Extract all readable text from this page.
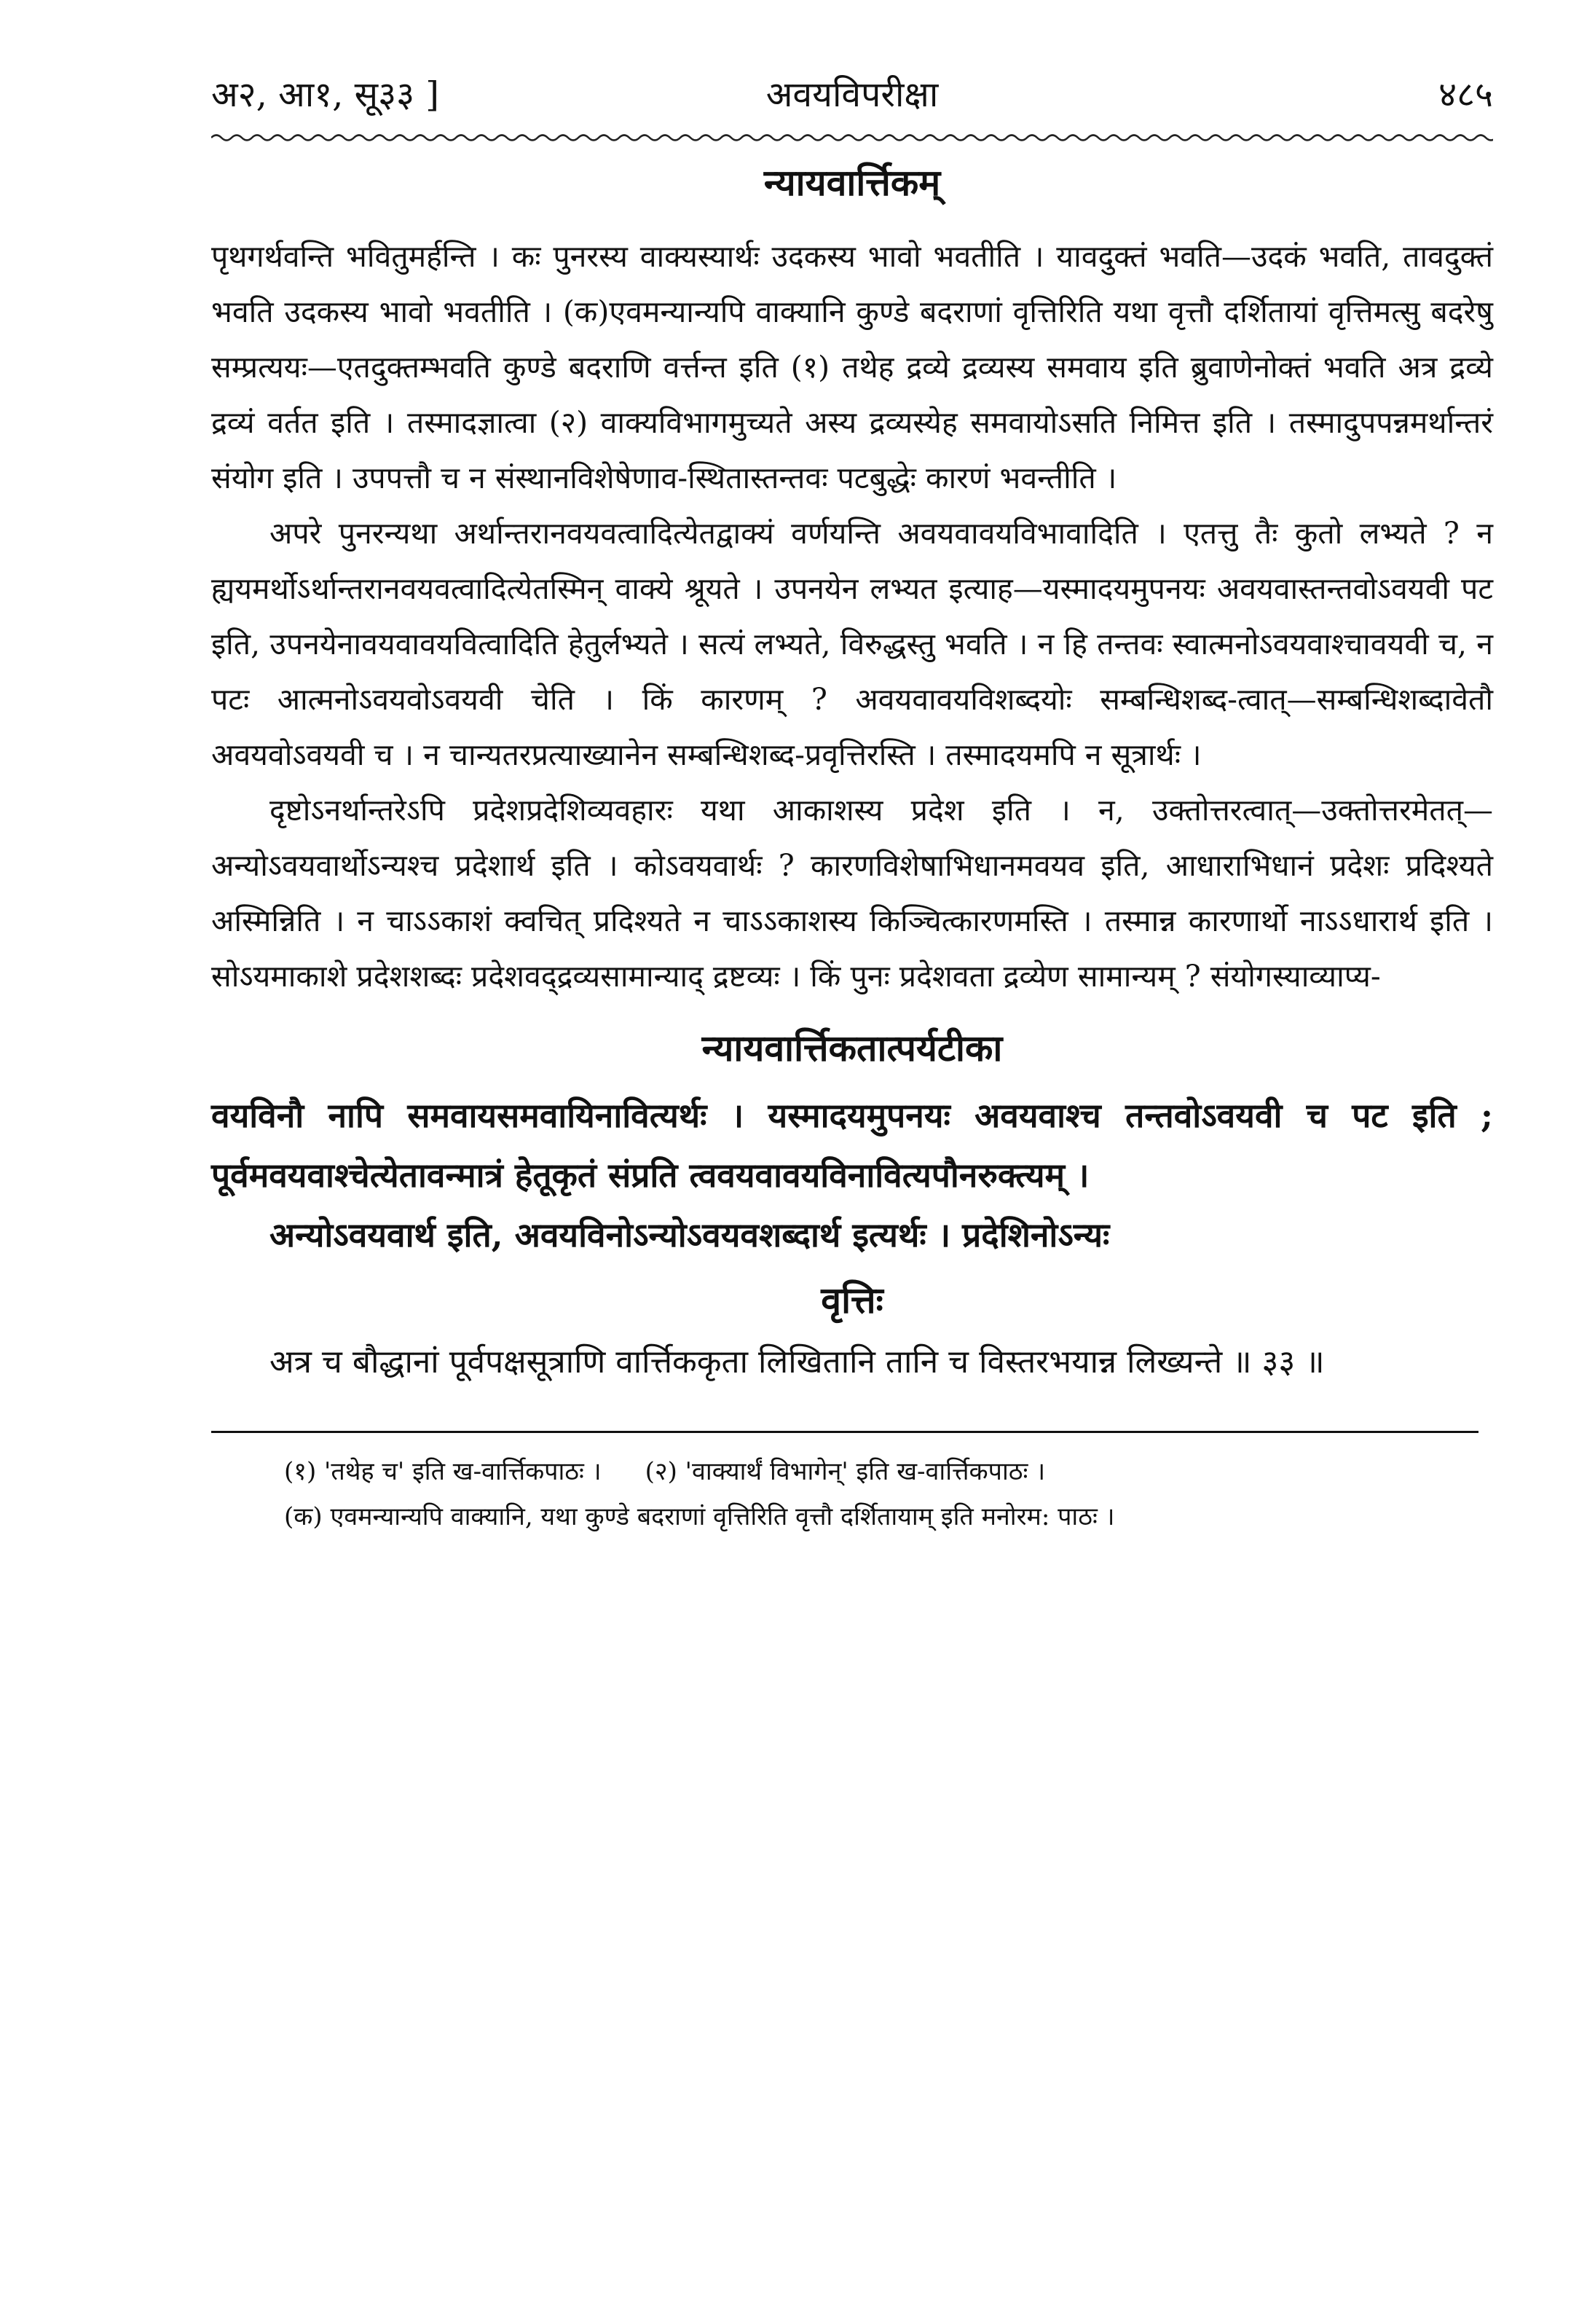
अ२, आ१, सू३३ ]	अवयविपरीक्षा	४८५
न्यायवार्त्तिकम्

पृथगर्थवन्ति भवितुमर्हन्ति । कः पुनरस्य वाक्यस्यार्थः उदकस्य भावो भवतीति । यावदुक्तं भवति—उदकं भवति, तावदुक्तं भवति उदकस्य भावो भवतीति । (क)एवमन्यान्यपि वाक्यानि कुण्डे बदराणां वृत्तिरिति यथा वृत्तौ दर्शितायां वृत्तिमत्सु बदरेषु सम्प्रत्ययः—एतदुक्तम्भवति कुण्डे बदराणि वर्त्तन्त इति (१) तथेह द्रव्ये द्रव्यस्य समवाय इति ब्रुवाणेनोक्तं भवति अत्र द्रव्ये द्रव्यं वर्तत इति । तस्मादज्ञात्वा (२) वाक्यविभागमुच्यते अस्य द्रव्यस्येह समवायोऽसति निमित्त इति । तस्मादुपपन्नमर्थान्तरं संयोग इति । उपपत्तौ च न संस्थानविशेषेणाव-स्थितास्तन्तवः पटबुद्धेः कारणं भवन्तीति ।

अपरे पुनरन्यथा अर्थान्तरानवयवत्वादित्येतद्वाक्यं वर्णयन्ति अवयवावयविभावादिति । एतत्तु तैः कुतो लभ्यते ? न ह्ययमर्थोऽर्थान्तरानवयवत्वादित्येतस्मिन् वाक्ये श्रूयते । उपनयेन लभ्यत इत्याह—यस्मादयमुपनयः अवयवास्तन्तवोऽवयवी पट इति, उपनयेनावयवावयवित्वादिति हेतुर्लभ्यते । सत्यं लभ्यते, विरुद्धस्तु भवति । न हि तन्तवः स्वात्मनोऽवयवाश्चावयवी च, न पटः आत्मनोऽवयवोऽवयवी चेति । किं कारणम् ? अवयवावयविशब्दयोः सम्बन्धिशब्द-त्वात्—सम्बन्धिशब्दावेतौ अवयवोऽवयवी च । न चान्यतरप्रत्याख्यानेन सम्बन्धिशब्द-प्रवृत्तिरस्ति । तस्मादयमपि न सूत्रार्थः ।

दृष्टोऽनर्थान्तरेऽपि प्रदेशप्रदेशिव्यवहारः यथा आकाशस्य प्रदेश इति । न, उक्तोत्तरत्वात्—उक्तोत्तरमेतत्—अन्योऽवयवार्थोऽन्यश्च प्रदेशार्थ इति । कोऽवयवार्थः ? कारणविशेषाभिधानमवयव इति, आधाराभिधानं प्रदेशः प्रदिश्यते अस्मिन्निति । न चाऽऽकाशं क्वचित् प्रदिश्यते न चाऽऽकाशस्य किञ्चित्कारणमस्ति । तस्मान्न कारणार्थो नाऽऽधारार्थ इति । सोऽयमाकाशे प्रदेशशब्दः प्रदेशवद्द्रव्यसामान्याद् द्रष्टव्यः । किं पुनः प्रदेशवता द्रव्येण सामान्यम् ? संयोगस्याव्याप्य-

न्यायवार्त्तिकतात्पर्यटीका

वयविनौ नापि समवायसमवायिनावित्यर्थः । यस्मादयमुपनयः अवयवाश्च तन्तवोऽवयवी च पट इति ; पूर्वमवयवाश्चेत्येतावन्मात्रं हेतूकृतं संप्रति त्ववयवावयविनावित्यपौनरुक्त्यम् ।

अन्योऽवयवार्थ इति, अवयविनोऽन्योऽवयवशब्दार्थ इत्यर्थः । प्रदेशिनोऽन्यः

वृत्तिः

अत्र च बौद्धानां पूर्वपक्षसूत्राणि वार्त्तिककृता लिखितानि तानि च विस्तरभयान्न लिख्यन्ते ॥ ३३ ॥

(१) 'तथेह च' इति ख-वार्त्तिकपाठः । (२) 'वाक्यार्थं विभागेन्' इति ख-वार्त्तिकपाठः ।

(क) एवमन्यान्यपि वाक्यानि, यथा कुण्डे बदराणां वृत्तिरिति वृत्तौ दर्शितायाम् इति मनोरम: पाठः ।
